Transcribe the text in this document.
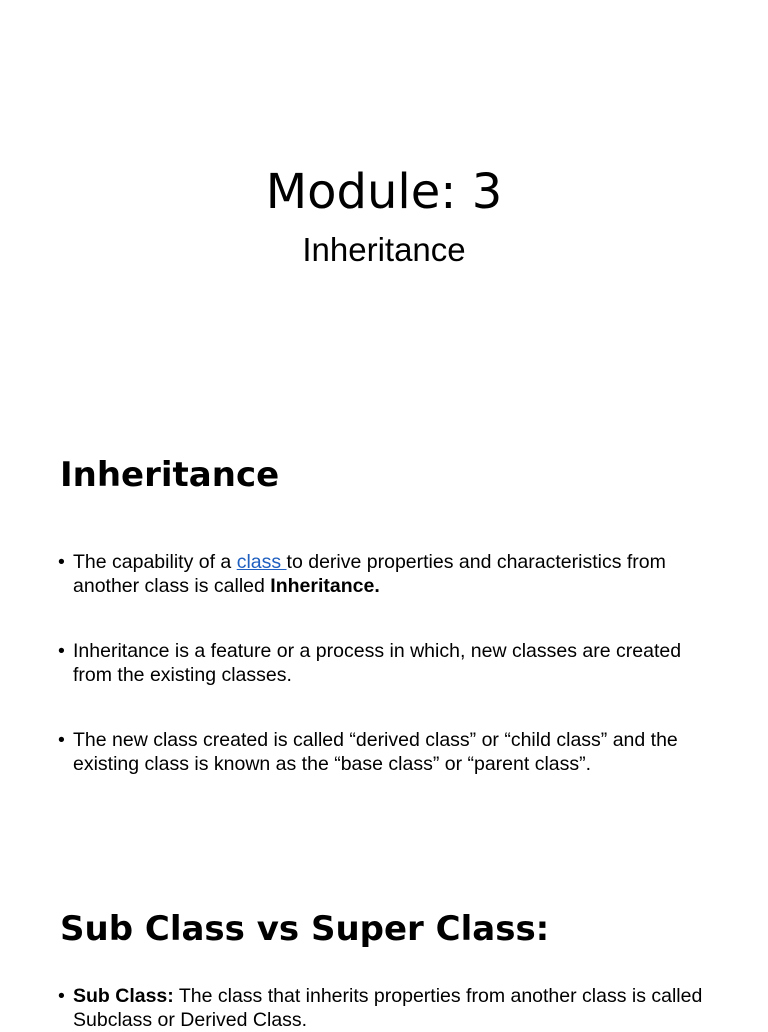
Module: 3
Inheritance
Inheritance
• The capability of a class to derive properties and characteristics from another class is called Inheritance.
• Inheritance is a feature or a process in which, new classes are created from the existing classes.
• The new class created is called “derived class” or “child class” and the existing class is known as the “base class” or “parent class”.
Sub Class vs Super Class:
• Sub Class: The class that inherits properties from another class is called Subclass or Derived Class.
